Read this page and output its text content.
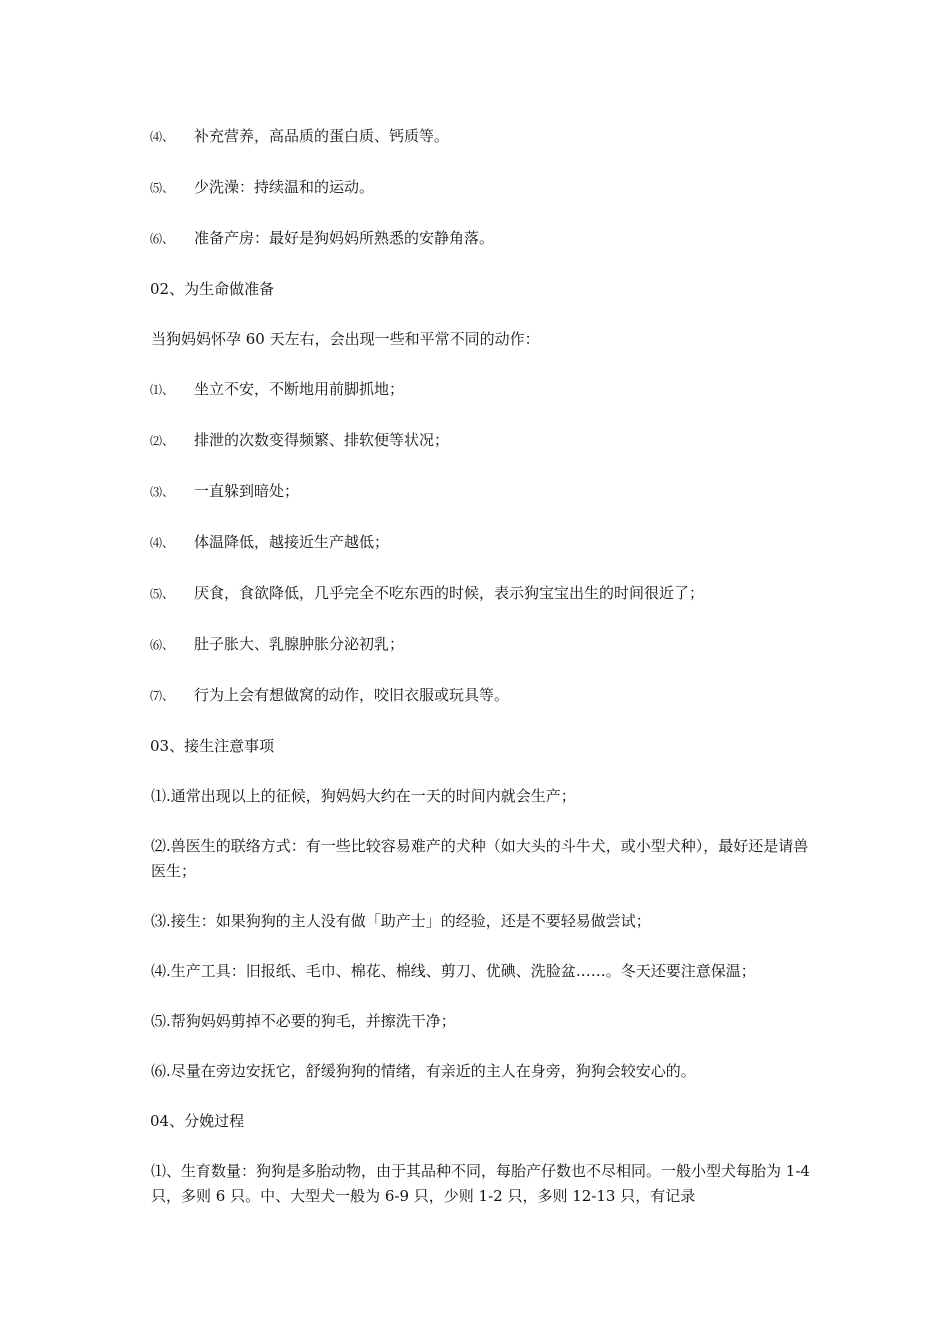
⑷、 补充营养，高品质的蛋白质、钙质等。

⑸、 少洗澡：持续温和的运动。

⑹、 准备产房：最好是狗妈妈所熟悉的安静角落。

02、为生命做准备

当狗妈妈怀孕 60 天左右，会出现一些和平常不同的动作：

⑴、 坐立不安，不断地用前脚抓地；

⑵、 排泄的次数变得频繁、排软便等状况；

⑶、 一直躲到暗处；

⑷、 体温降低，越接近生产越低；

⑸、 厌食，食欲降低，几乎完全不吃东西的时候，表示狗宝宝出生的时间很近了；

⑹、 肚子胀大、乳腺肿胀分泌初乳；

⑺、 行为上会有想做窝的动作，咬旧衣服或玩具等。

03、接生注意事项

⑴.通常出现以上的征候，狗妈妈大约在一天的时间内就会生产；

⑵.兽医生的联络方式：有一些比较容易难产的犬种（如大头的斗牛犬，或小型犬种），最好还是请兽医生；

⑶.接生：如果狗狗的主人没有做「助产士」的经验，还是不要轻易做尝试；

⑷.生产工具：旧报纸、毛巾、棉花、棉线、剪刀、优碘、洗脸盆……。冬天还要注意保温；

⑸.帮狗妈妈剪掉不必要的狗毛，并擦洗干净；

⑹.尽量在旁边安抚它，舒缓狗狗的情绪，有亲近的主人在身旁，狗狗会较安心的。

04、分娩过程

⑴、生育数量：狗狗是多胎动物，由于其品种不同，每胎产仔数也不尽相同。一般小型犬每胎为 1-4 只，多则 6 只。中、大型犬一般为 6-9 只，少则 1-2 只，多则 12-13 只，有记录
